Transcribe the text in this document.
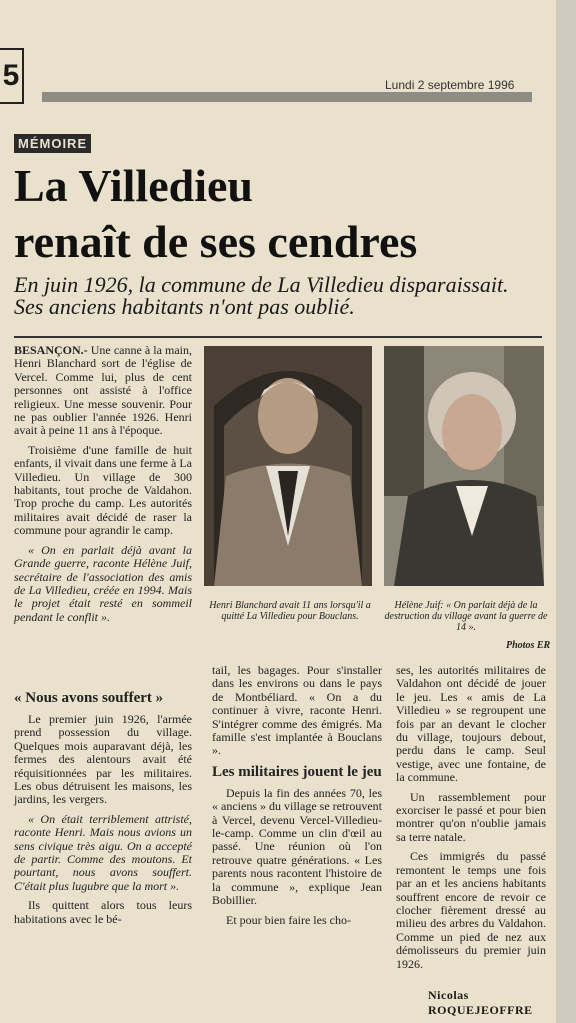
5	Lundi 2 septembre 1996
MÉMOIRE
La Villedieu
renaît de ses cendres
En juin 1926, la commune de La Villedieu disparaissait. Ses anciens habitants n'ont pas oublié.

BESANÇON.- Une canne à la main, Henri Blanchard sort de l'église de Vercel. Comme lui, plus de cent personnes ont assisté à l'office religieux. Une messe souvenir. Pour ne pas oublier l'année 1926. Henri avait à peine 11 ans à l'époque.

Troisième d'une famille de huit enfants, il vivait dans une ferme à La Villedieu. Un village de 300 habitants, tout proche de Valdahon. Trop proche du camp. Les autorités militaires avait décidé de raser la commune pour agrandir le camp.

« On en parlait déjà avant la Grande guerre, raconte Hélène Juif, secrétaire de l'association des amis de La Villedieu, créée en 1994. Mais le projet était resté en sommeil pendant le conflit ».

Henri Blanchard avait 11 ans lorsqu'il a quitté La Villedieu pour Bouclans.
Hélène Juif: « On parlait déjà de la destruction du village avant la guerre de 14 ».
Photos ER

« Nous avons souffert »

Le premier juin 1926, l'armée prend possession du village. Quelques mois auparavant déjà, les fermes des alentours avait été réquisitionnées par les militaires. Les obus détruisent les maisons, les jardins, les vergers.

« On était terriblement attristé, raconte Henri. Mais nous avions un sens civique très aigu. On a accepté de partir. Comme des moutons. Et pourtant, nous avons souffert. C'était plus lugubre que la mort ».

Ils quittent alors tous leurs habitations avec le bé-

tail, les bagages. Pour s'installer dans les environs ou dans le pays de Montbéliard. « On a du continuer à vivre, raconte Henri. S'intégrer comme des émigrés. Ma famille s'est implantée à Bouclans ».

Les militaires jouent le jeu

Depuis la fin des années 70, les « anciens » du village se retrouvent à Vercel, devenu Vercel-Villedieu-le-camp. Comme un clin d'œil au passé. Une réunion où l'on retrouve quatre générations. « Les parents nous racontent l'histoire de la commune », explique Jean Bobillier.

Et pour bien faire les cho-

ses, les autorités militaires de Valdahon ont décidé de jouer le jeu. Les « amis de La Villedieu » se regroupent une fois par an devant le clocher du village, toujours debout, perdu dans le camp. Seul vestige, avec une fontaine, de la commune.

Un rassemblement pour exorciser le passé et pour bien montrer qu'on n'oublie jamais sa terre natale.

Ces immigrés du passé remontent le temps une fois par an et les anciens habitants souffrent encore de revoir ce clocher fièrement dressé au milieu des arbres du Valdahon. Comme un pied de nez aux démolisseurs du premier juin 1926.

Nicolas ROQUEJEOFFRE
